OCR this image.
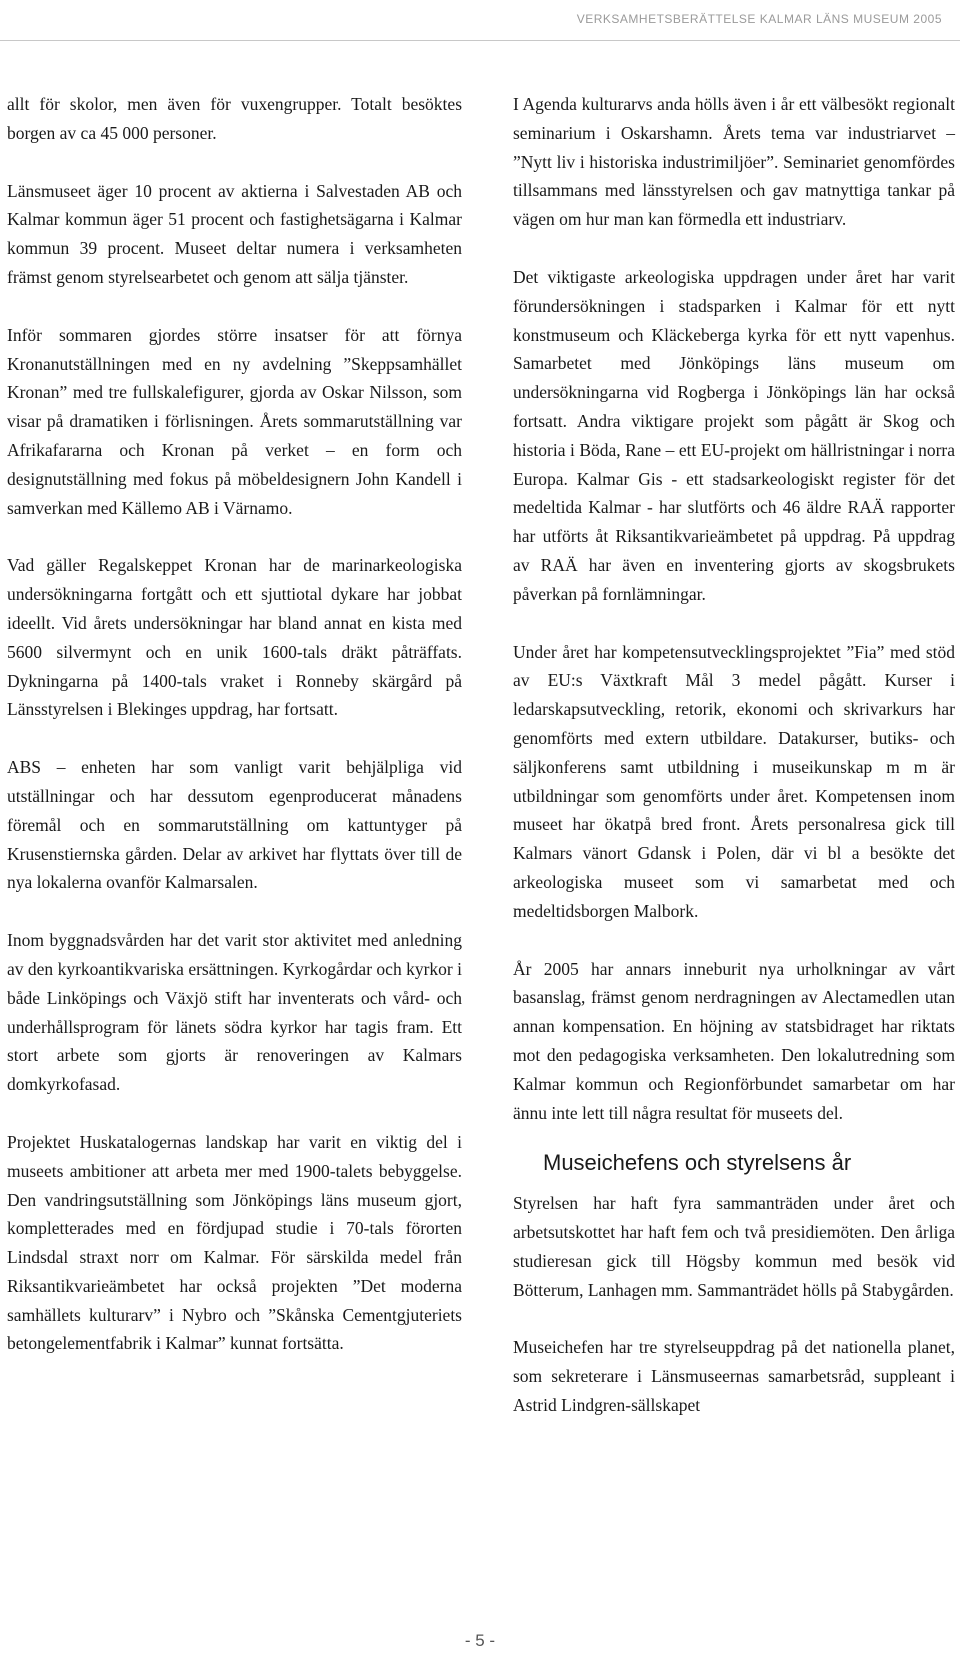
VERKSAMHETSBERÄTTELSE KALMAR LÄNS MUSEUM 2005

allt för skolor, men även för vuxengrupper. Totalt besöktes borgen av ca 45 000 personer.

Länsmuseet äger 10 procent av aktierna i Salvestaden AB och Kalmar kommun äger 51 procent och fastighetsägarna i Kalmar kommun 39 procent. Museet deltar numera i verksamheten främst genom styrelsearbetet och genom att sälja tjänster.

Inför sommaren gjordes större insatser för att förnya Kronanutställningen med en ny avdelning ”Skeppsamhället Kronan” med tre fullskalefigurer, gjorda av Oskar Nilsson, som visar på dramatiken i förlisningen. Årets sommarutställning var Afrikafararna och Kronan på verket – en form och designutställning med fokus på möbeldesignern John Kandell i samverkan med Källemo AB i Värnamo.

Vad gäller Regalskeppet Kronan har de marinarkeologiska undersökningarna fortgått och ett sjuttiotal dykare har jobbat ideellt. Vid årets undersökningar har bland annat en kista med 5600 silvermynt och en unik 1600-tals dräkt påträffats. Dykningarna på 1400-tals vraket i Ronneby skärgård på Länsstyrelsen i Blekinges uppdrag, har fortsatt.

ABS – enheten har som vanligt varit behjälpliga vid utställningar och har dessutom egenproducerat månadens föremål och en sommarutställning om kattuntyger på Krusenstiernska gården. Delar av arkivet har flyttats över till de nya lokalerna ovanför Kalmarsalen.

Inom byggnadsvården har det varit stor aktivitet med anledning av den kyrkoantikvariska ersättningen. Kyrkogårdar och kyrkor i både Linköpings och Växjö stift har inventerats och vård- och underhållsprogram för länets södra kyrkor har tagis fram. Ett stort arbete som gjorts är renoveringen av Kalmars domkyrkofasad.

Projektet Huskatalogernas landskap har varit en viktig del i museets ambitioner att arbeta mer med 1900-talets bebyggelse. Den vandringsutställning som Jönköpings läns museum gjort, kompletterades med en fördjupad studie i 70-tals förorten Lindsdal straxt norr om Kalmar. För särskilda medel från Riksantikvarieämbetet har också projekten ”Det moderna samhällets kulturarv” i Nybro och ”Skånska Cementgjuteriets betongelementfabrik i Kalmar” kunnat fortsätta.

I Agenda kulturarvs anda hölls även i år ett välbesökt regionalt seminarium i Oskarshamn. Årets tema var industriarvet – ”Nytt liv i historiska industrimiljöer”. Seminariet genomfördes tillsammans med länsstyrelsen och gav matnyttiga tankar på vägen om hur man kan förmedla ett industriarv.

Det viktigaste arkeologiska uppdragen under året har varit förundersökningen i stadsparken i Kalmar för ett nytt konstmuseum och Kläckeberga kyrka för ett nytt vapenhus. Samarbetet med Jönköpings läns museum om undersökningarna vid Rogberga i Jönköpings län har också fortsatt. Andra viktigare projekt som pågått är Skog och historia i Böda, Rane – ett EU-projekt om hällristningar i norra Europa. Kalmar Gis - ett stadsarkeologiskt register för det medeltida Kalmar - har slutförts och 46 äldre RAÄ rapporter har utförts åt Riksantikvarieämbetet på uppdrag. På uppdrag av RAÄ har även en inventering gjorts av skogsbrukets påverkan på fornlämningar.

Under året har kompetensutvecklingsprojektet ”Fia” med stöd av EU:s Växtkraft Mål 3 medel pågått. Kurser i ledarskapsutveckling, retorik, ekonomi och skrivarkurs har genomförts med extern utbildare. Datakurser, butiks- och säljkonferens samt utbildning i museikunskap m m är utbildningar som genomförts under året. Kompetensen inom museet har ökatpå bred front. Årets personalresa gick till Kalmars vänort Gdansk i Polen, där vi bl a besökte det arkeologiska museet som vi samarbetat med och medeltidsborgen Malbork.

År 2005 har annars inneburit nya urholkningar av vårt basanslag, främst genom nerdragningen av Alectamedlen utan annan kompensation. En höjning av statsbidraget har riktats mot den pedagogiska verksamheten. Den lokalutredning som Kalmar kommun och Regionförbundet samarbetar om har ännu inte lett till några resultat för museets del.

Museichefens och styrelsens år

Styrelsen har haft fyra sammanträden under året och arbetsutskottet har haft fem och två presidiemöten. Den årliga studieresan gick till Högsby kommun med besök vid Bötterum, Lanhagen mm. Sammanträdet hölls på Stabygården.

Museichefen har tre styrelseuppdrag på det nationella planet, som sekreterare i Länsmuseernas samarbetsråd, suppleant i Astrid Lindgren-sällskapet

- 5 -
